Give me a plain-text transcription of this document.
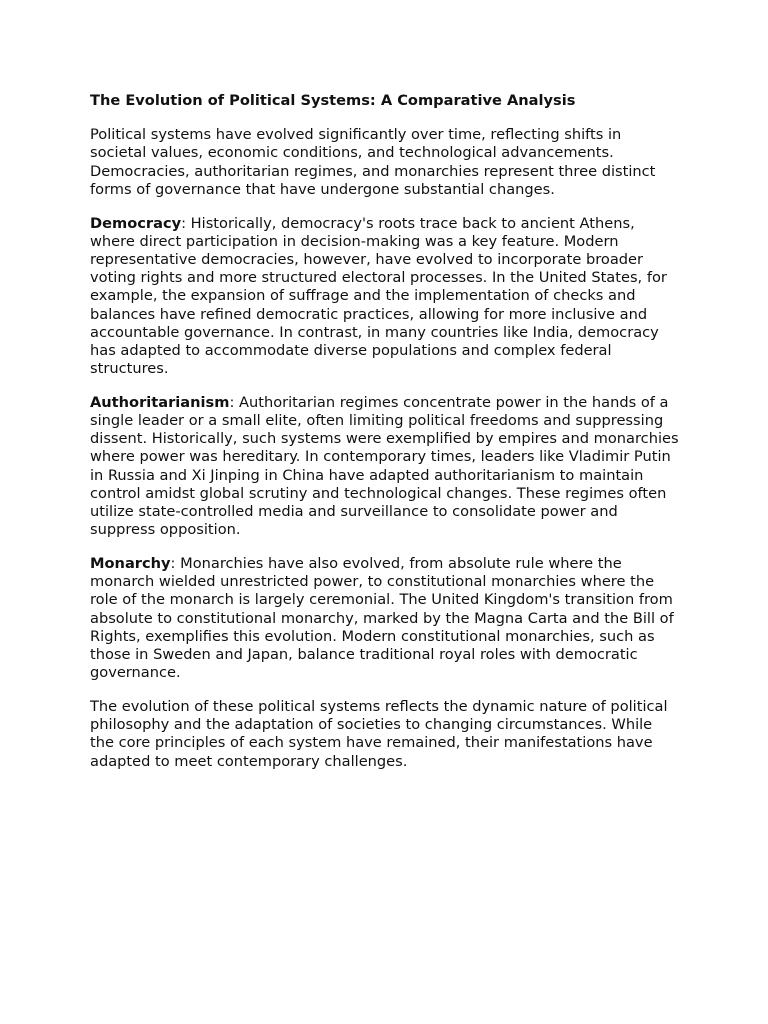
The Evolution of Political Systems: A Comparative Analysis

Political systems have evolved significantly over time, reflecting shifts in societal values, economic conditions, and technological advancements. Democracies, authoritarian regimes, and monarchies represent three distinct forms of governance that have undergone substantial changes.

Democracy: Historically, democracy's roots trace back to ancient Athens, where direct participation in decision-making was a key feature. Modern representative democracies, however, have evolved to incorporate broader voting rights and more structured electoral processes. In the United States, for example, the expansion of suffrage and the implementation of checks and balances have refined democratic practices, allowing for more inclusive and accountable governance. In contrast, in many countries like India, democracy has adapted to accommodate diverse populations and complex federal structures.

Authoritarianism: Authoritarian regimes concentrate power in the hands of a single leader or a small elite, often limiting political freedoms and suppressing dissent. Historically, such systems were exemplified by empires and monarchies where power was hereditary. In contemporary times, leaders like Vladimir Putin in Russia and Xi Jinping in China have adapted authoritarianism to maintain control amidst global scrutiny and technological changes. These regimes often utilize state-controlled media and surveillance to consolidate power and suppress opposition.

Monarchy: Monarchies have also evolved, from absolute rule where the monarch wielded unrestricted power, to constitutional monarchies where the role of the monarch is largely ceremonial. The United Kingdom's transition from absolute to constitutional monarchy, marked by the Magna Carta and the Bill of Rights, exemplifies this evolution. Modern constitutional monarchies, such as those in Sweden and Japan, balance traditional royal roles with democratic governance.

The evolution of these political systems reflects the dynamic nature of political philosophy and the adaptation of societies to changing circumstances. While the core principles of each system have remained, their manifestations have adapted to meet contemporary challenges.
